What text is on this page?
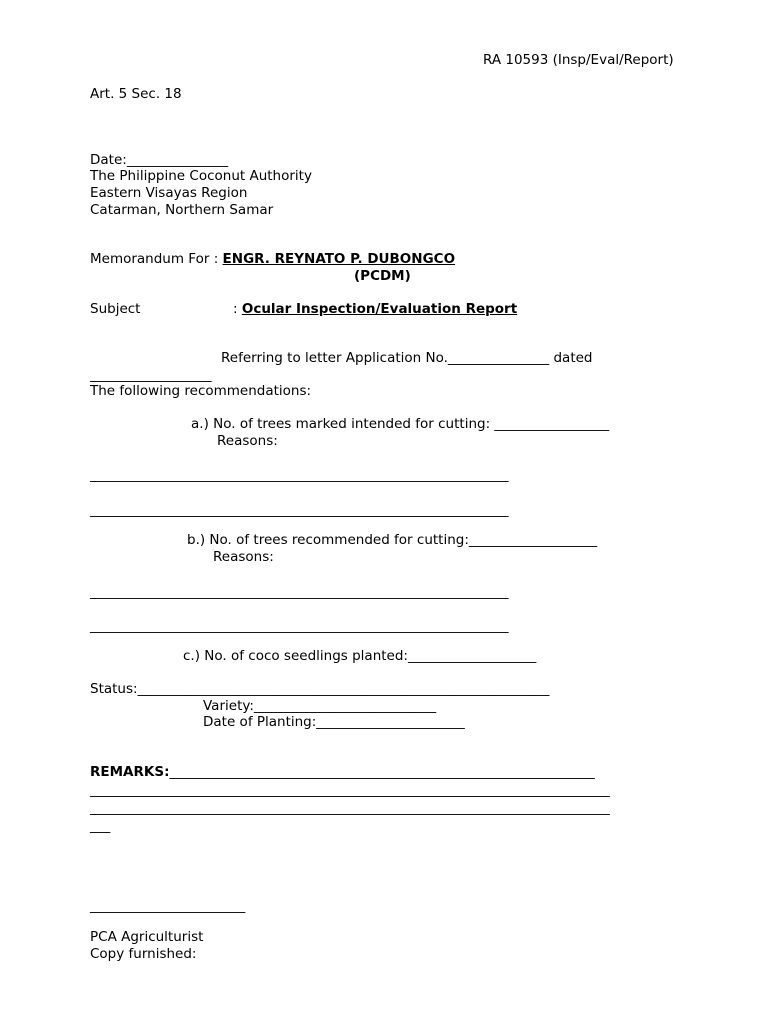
RA 10593 (Insp/Eval/Report)
Art. 5 Sec. 18
Date:_______________
The Philippine Coconut Authority
Eastern Visayas Region
Catarman, Northern Samar
Memorandum For : ENGR. REYNATO P. DUBONGCO
(PCDM)
Subject	: Ocular Inspection/Evaluation Report
Referring to letter Application No._______________ dated
__________________
The following recommendations:
a.) No. of trees marked intended for cutting: _________________
Reasons:
______________________________________________________________
______________________________________________________________
b.) No. of trees recommended for cutting:___________________
Reasons:
______________________________________________________________
______________________________________________________________
c.) No. of coco seedlings planted:___________________
Status:_____________________________________________________________
Variety:___________________________
Date of Planting:______________________
REMARKS:_______________________________________________________________
_____________________________________________________________________________
_____________________________________________________________________________
___
_______________________
PCA Agriculturist
Copy furnished:
